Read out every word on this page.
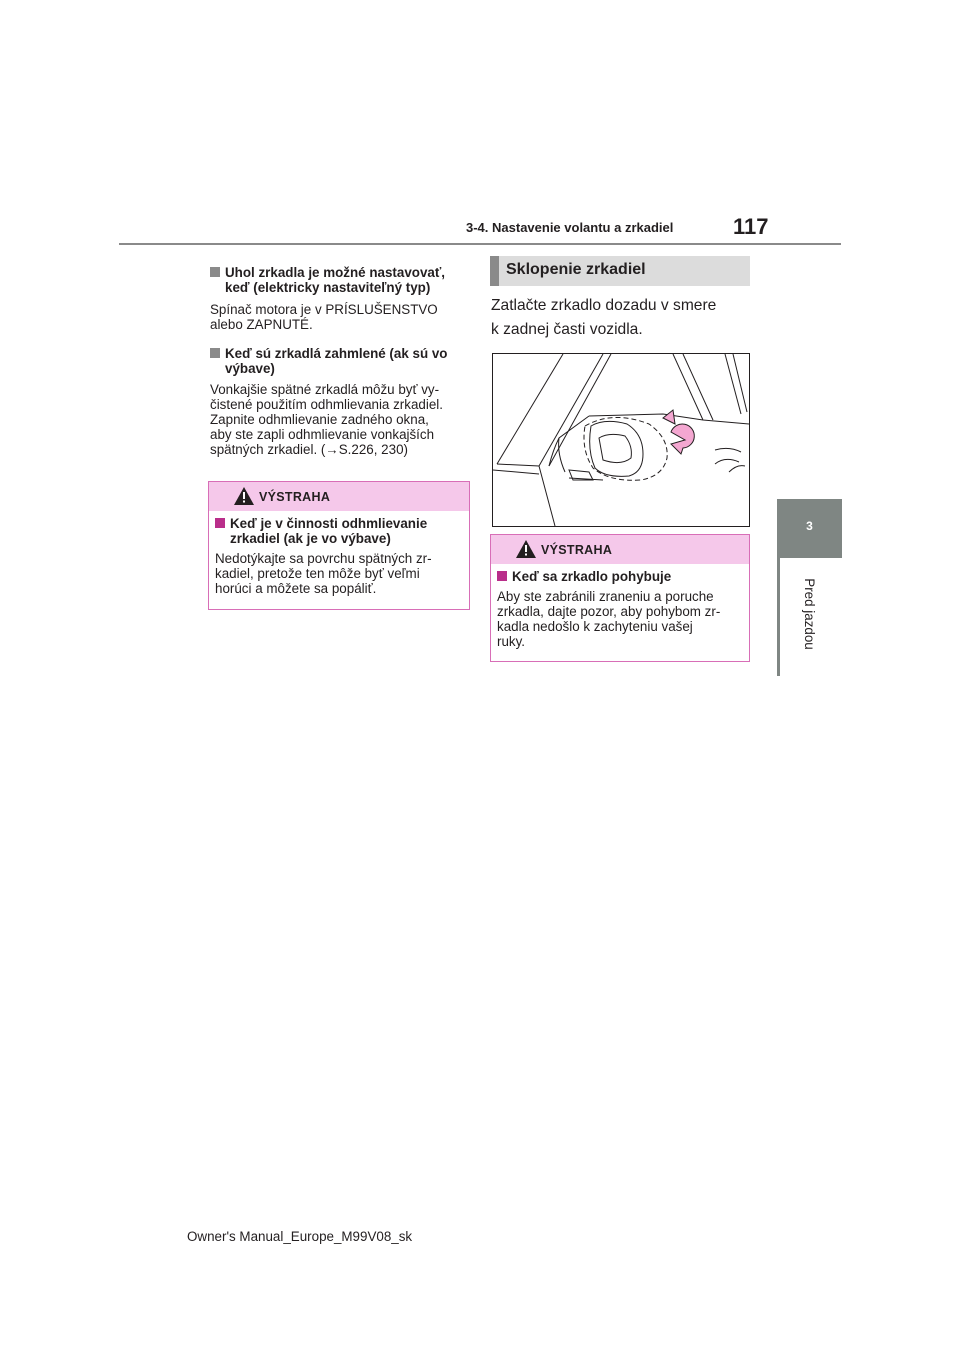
3-4. Nastavenie volantu a zrkadiel	117
3
Pred jazdou
Uhol zrkadla je možné nastavovať,
keď (elektricky nastaviteľný typ)
Spínač motora je v PRÍSLUŠENSTVO
alebo ZAPNUTÉ.
Keď sú zrkadlá zahmlené (ak sú vo
výbave)
Vonkajšie spätné zrkadlá môžu byť vy-
čistené použitím odhmlievania zrkadiel.
Zapnite odhmlievanie zadného okna,
aby ste zapli odhmlievanie vonkajších
spätných zrkadiel. (→S.226, 230)
VÝSTRAHA
Keď je v činnosti odhmlievanie
zrkadiel (ak je vo výbave)
Nedotýkajte sa povrchu spätných zr-
kadiel, pretože ten môže byť veľmi
horúci a môžete sa popáliť.
Sklopenie zrkadiel
Zatlačte zrkadlo dozadu v smere
k zadnej časti vozidla.
VÝSTRAHA
Keď sa zrkadlo pohybuje
Aby ste zabránili zraneniu a poruche
zrkadla, dajte pozor, aby pohybom zr-
kadla nedošlo k zachyteniu vašej
ruky.
Owner's Manual_Europe_M99V08_sk
